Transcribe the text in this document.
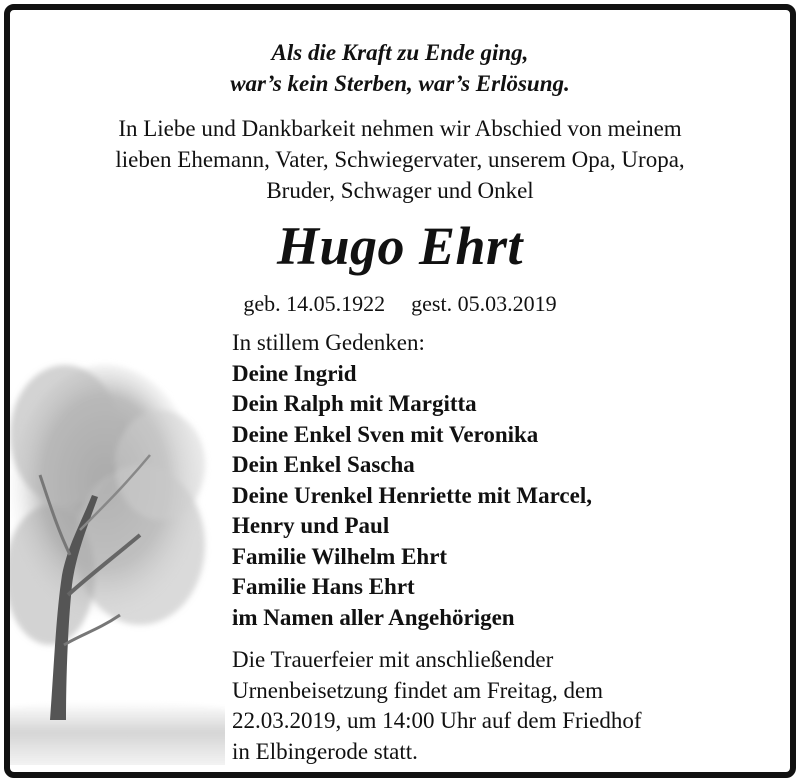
Als die Kraft zu Ende ging,
war’s kein Sterben, war’s Erlösung.
In Liebe und Dankbarkeit nehmen wir Abschied von meinem
lieben Ehemann, Vater, Schwiegervater, unserem Opa, Uropa,
Bruder, Schwager und Onkel
Hugo Ehrt
geb. 14.05.1922 gest. 05.03.2019
In stillem Gedenken:
Deine Ingrid
Dein Ralph mit Margitta
Deine Enkel Sven mit Veronika
Dein Enkel Sascha
Deine Urenkel Henriette mit Marcel,
Henry und Paul
Familie Wilhelm Ehrt
Familie Hans Ehrt
im Namen aller Angehörigen
Die Trauerfeier mit anschließender
Urnenbeisetzung findet am Freitag, dem
22.03.2019, um 14:00 Uhr auf dem Friedhof
in Elbingerode statt.
